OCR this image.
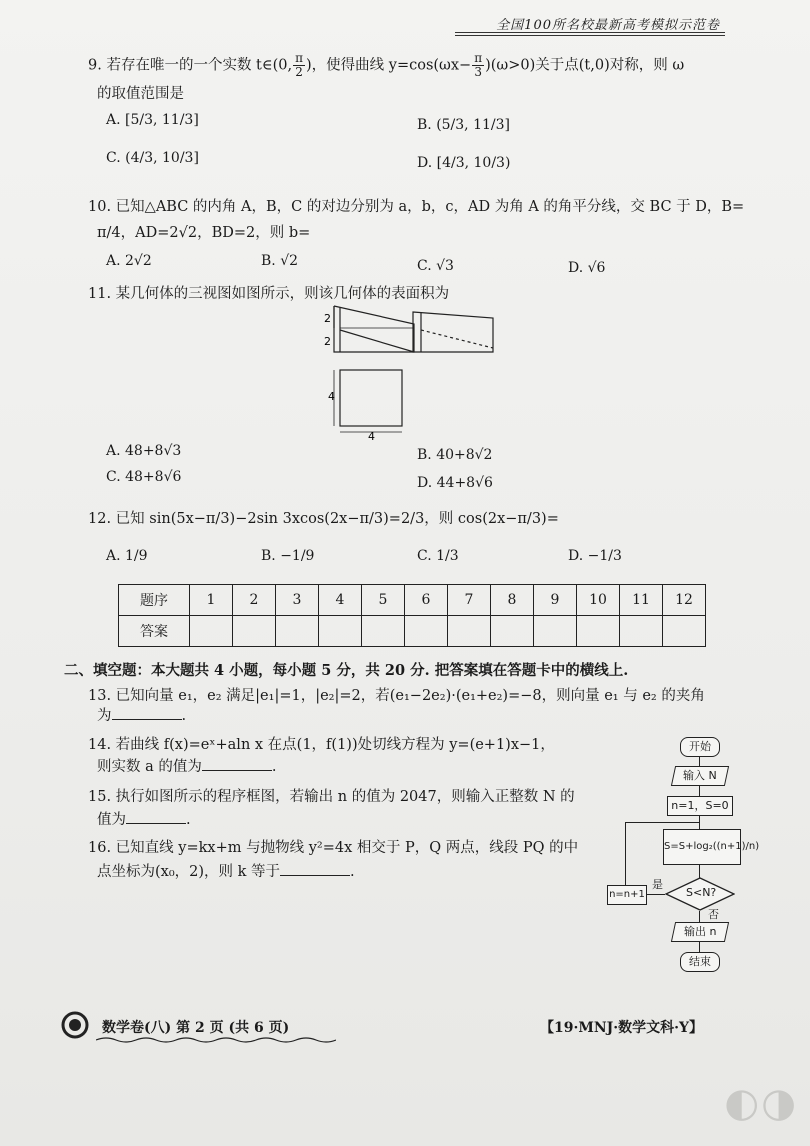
全国100所名校最新高考模拟示范卷
9. 若存在唯一的一个实数 t∈(0, $\frac{\pi}{2}$ )，使得曲线 $y=\cos(\omega x- \frac{\pi}{3} )(\omega>0)$关于点(t,0)对称，则 ω
的取值范围是
A. [5/3, 11/3]	B. (5/3, 11/3]
C. (4/3, 10/3]	D. [4/3, 10/3)
10. 已知△ABC 的内角 A，B，C 的对边分别为 a，b，c，AD 为角 A 的角平分线，交 BC 于 D，B=
π/4，AD=2√2，BD=2，则 b=
A. 2√2	B. √2	C. √3	D. √6
11. 某几何体的三视图如图所示，则该几何体的表面积为
2
2
4
4
A. 48+8√3	B. 40+8√2
C. 48+8√6	D. 44+8√6
12. 已知 sin(5x−π/3)−2sin 3xcos(2x−π/3)=2/3，则 cos(2x−π/3)=
A. 1/9	B. −1/9	C. 1/3	D. −1/3
题序	1	2	3	4	5	6	7	8	9	10	11	12
答案												
二、填空题：本大题共 4 小题，每小题 5 分，共 20 分. 把答案填在答题卡中的横线上.
13. 已知向量 e₁，e₂ 满足|e₁|=1，|e₂|=2，若(e₁−2e₂)·(e₁+e₂)=−8，则向量 e₁ 与 e₂ 的夹角
为	.
14. 若曲线 f(x)=eˣ+aln x 在点(1，f(1))处切线方程为 y=(e+1)x−1，
则实数 a 的值为	.
15. 执行如图所示的程序框图，若输出 n 的值为 2047，则输入正整数 N 的
值为	.
16. 已知直线 y=kx+m 与抛物线 y²=4x 相交于 P，Q 两点，线段 PQ 的中
点坐标为(x₀，2)，则 k 等于	.
开始
输入 N
n=1，S=0
S=S+log₂((n+1)/n)
S<N?
是
否
n=n+1
输出 n
结束
数学卷(八) 第 2 页 (共 6 页)	【19·MNJ·数学文科·Y】
◐◑
